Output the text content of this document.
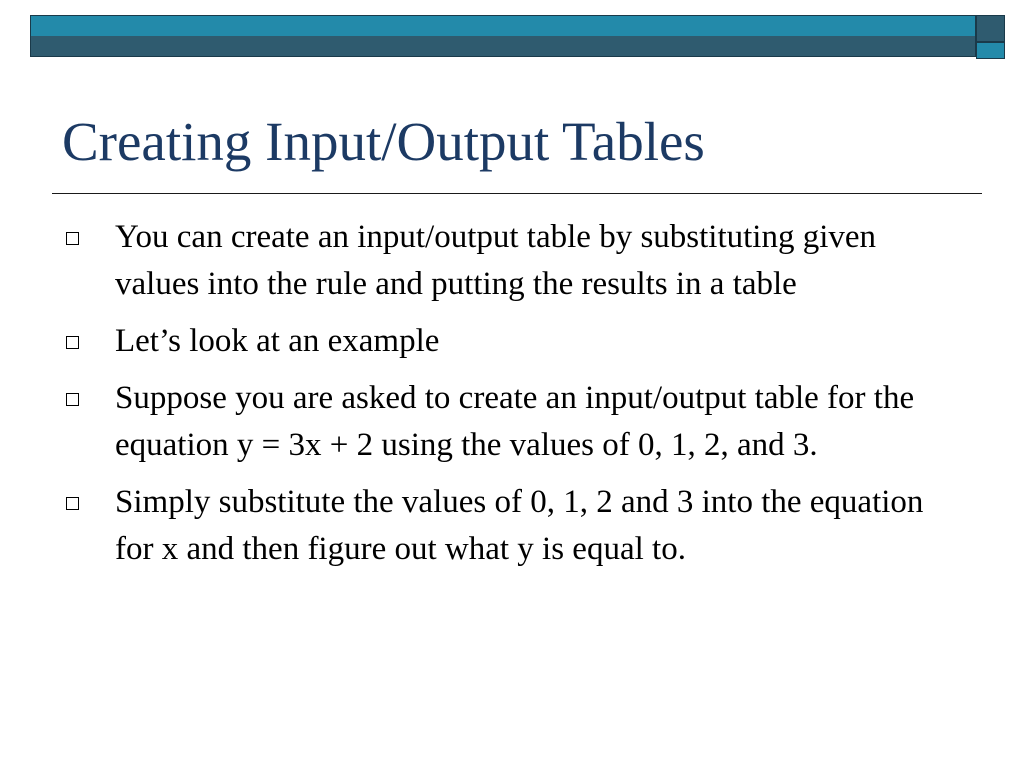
Creating Input/Output Tables
You can create an input/output table by substituting given values into the rule and putting the results in a table
Let’s look at an example
Suppose you are asked to create an input/output table for the equation y = 3x + 2 using the values of 0, 1, 2, and 3.
Simply substitute the values of 0, 1, 2 and 3 into the equation for x and then figure out what y is equal to.
